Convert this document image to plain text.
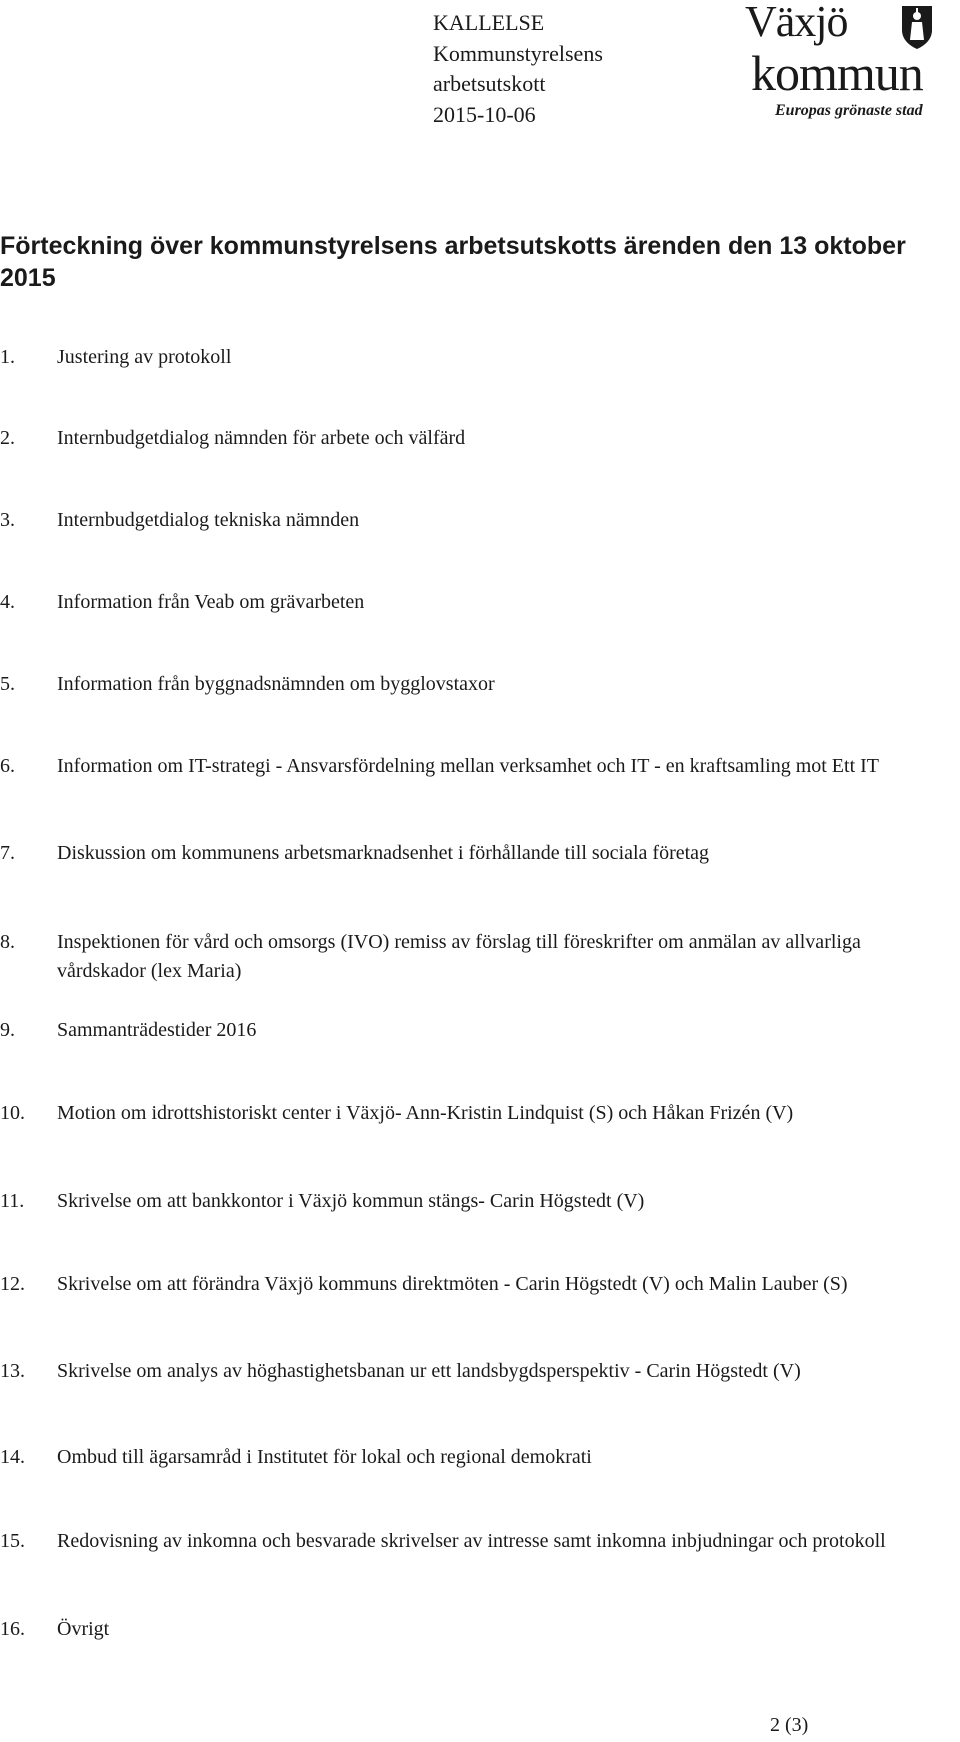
KALLELSE
Kommunstyrelsens
arbetsutskott
2015-10-06
Växjö
kommun
Europas grönaste stad
Förteckning över kommunstyrelsens arbetsutskotts ärenden den 13 oktober 2015
1.	Justering av protokoll
2.	Internbudgetdialog nämnden för arbete och välfärd
3.	Internbudgetdialog tekniska nämnden
4.	Information från Veab om grävarbeten
5.	Information från byggnadsnämnden om bygglovstaxor
6.	Information om IT-strategi - Ansvarsfördelning mellan verksamhet och IT - en kraftsamling mot Ett IT
7.	Diskussion om kommunens arbetsmarknadsenhet i förhållande till sociala företag
8.	Inspektionen för vård och omsorgs (IVO) remiss av förslag till föreskrifter om anmälan av allvarliga vårdskador (lex Maria)
9.	Sammanträdestider 2016
10.	Motion om idrottshistoriskt center i Växjö- Ann-Kristin Lindquist (S) och Håkan Frizén (V)
11.	Skrivelse om att bankkontor i Växjö kommun stängs- Carin Högstedt (V)
12.	Skrivelse om att förändra Växjö kommuns direktmöten - Carin Högstedt (V) och Malin Lauber (S)
13.	Skrivelse om analys av höghastighetsbanan ur ett landsbygdsperspektiv - Carin Högstedt (V)
14.	Ombud till ägarsamråd i Institutet för lokal och regional demokrati
15.	Redovisning av inkomna och besvarade skrivelser av intresse samt inkomna inbjudningar och protokoll
16.	Övrigt
2 (3)
